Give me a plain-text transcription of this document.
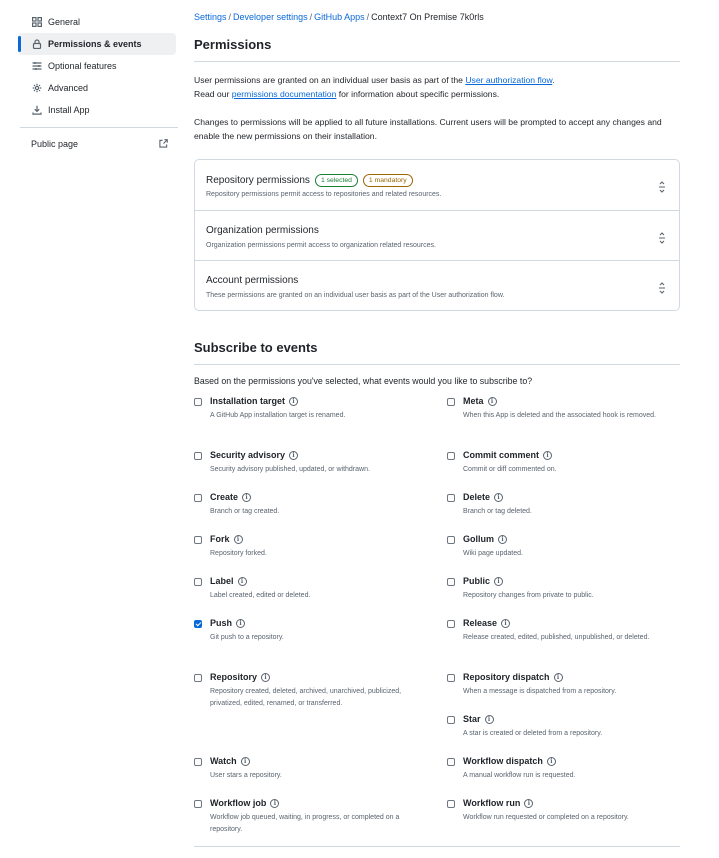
General
Permissions & events
Optional features
Advanced
Install App
Public page
Settings / Developer settings / GitHub Apps / Context7 On Premise 7k0rls
Permissions

User permissions are granted on an individual user basis as part of the User authorization flow.
Read our permissions documentation for information about specific permissions.

Changes to permissions will be applied to all future installations. Current users will be prompted to accept any changes and enable the new permissions on their installation.

Repository permissions	1 selected	1 mandatory
Repository permissions permit access to repositories and related resources.
Organization permissions
Organization permissions permit access to organization related resources.
Account permissions
These permissions are granted on an individual user basis as part of the User authorization flow.
Subscribe to events

Based on the permissions you've selected, what events would you like to subscribe to?

Installation target	i
A GitHub App installation target is renamed.
Meta	i
When this App is deleted and the associated hook is removed.
Security advisory	i
Security advisory published, updated, or withdrawn.
Commit comment	i
Commit or diff commented on.
Create	i
Branch or tag created.
Delete	i
Branch or tag deleted.
Fork	i
Repository forked.
Gollum	i
Wiki page updated.
Label	i
Label created, edited or deleted.
Public	i
Repository changes from private to public.
Push	i
Git push to a repository.
Release	i
Release created, edited, published, unpublished, or deleted.
Repository	i
Repository created, deleted, archived, unarchived, publicized, privatized, edited, renamed, or transferred.
Repository dispatch	i
When a message is dispatched from a repository.
Star	i
A star is created or deleted from a repository.
Watch	i
User stars a repository.
Workflow dispatch	i
A manual workflow run is requested.
Workflow job	i
Workflow job queued, waiting, in progress, or completed on a repository.
Workflow run	i
Workflow run requested or completed on a repository.
